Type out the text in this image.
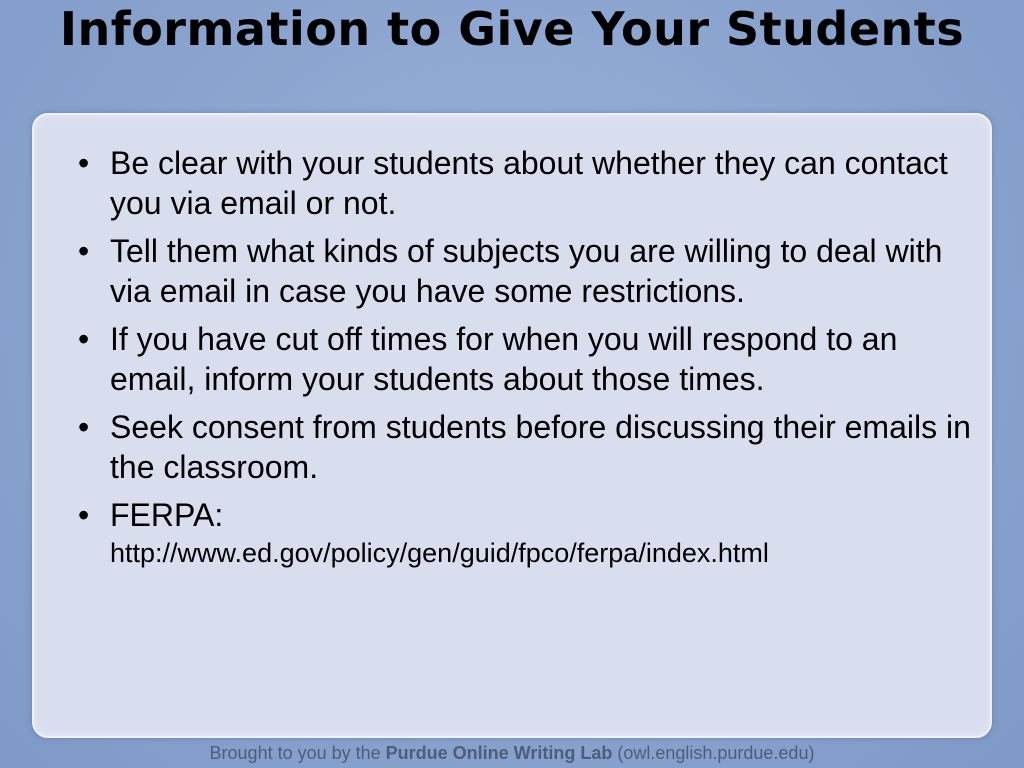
Information to Give Your Students
• Be clear with your students about whether they can contact you via email or not.
• Tell them what kinds of subjects you are willing to deal with via email in case you have some restrictions.
• If you have cut off times for when you will respond to an email, inform your students about those times.
• Seek consent from students before discussing their emails in the classroom.
• FERPA:
http://www.ed.gov/policy/gen/guid/fpco/ferpa/index.html
Brought to you by the Purdue Online Writing Lab (owl.english.purdue.edu)
